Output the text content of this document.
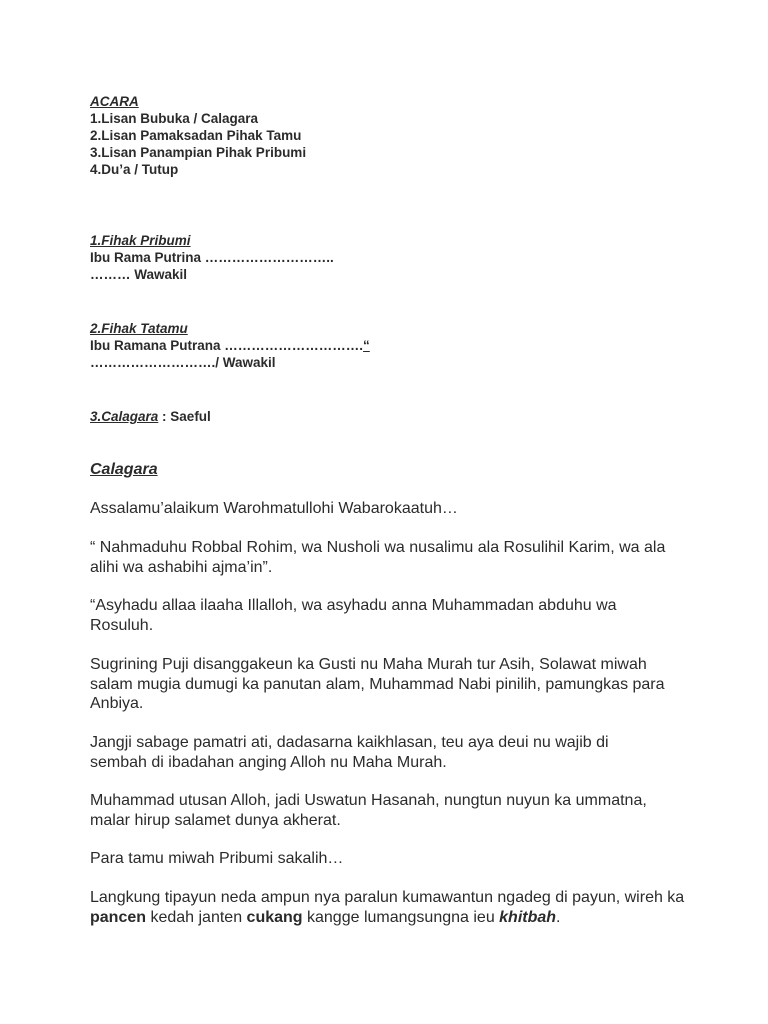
ACARA
1.Lisan Bubuka / Calagara
2.Lisan Pamaksadan Pihak Tamu
3.Lisan Panampian Pihak Pribumi
4.Du’a / Tutup
1.Fihak Pribumi
Ibu Rama Putrina ………………………..
……… Wawakil
2.Fihak Tatamu
Ibu Ramana Putrana ………………………….“
………………………./ Wawakil
3.Calagara : Saeful
Calagara

Assalamu’alaikum Warohmatullohi Wabarokaatuh…

“ Nahmaduhu Robbal Rohim, wa Nusholi wa nusalimu ala Rosulihil Karim, wa ala alihi wa ashabihi ajma’in”.

“Asyhadu allaa ilaaha Illalloh, wa asyhadu anna Muhammadan abduhu wa Rosuluh.

Sugrining Puji disanggakeun ka Gusti nu Maha Murah tur Asih, Solawat miwah salam mugia dumugi ka panutan alam, Muhammad Nabi pinilih, pamungkas para Anbiya.

Jangji sabage pamatri ati, dadasarna kaikhlasan, teu aya deui nu wajib di sembah di ibadahan anging Alloh nu Maha Murah.

Muhammad utusan Alloh, jadi Uswatun Hasanah, nungtun nuyun ka ummatna, malar hirup salamet dunya akherat.

Para tamu miwah Pribumi sakalih…

Langkung tipayun neda ampun nya paralun kumawantun ngadeg di payun, wireh ka pancen kedah janten cukang kangge lumangsungna ieu khitbah.
